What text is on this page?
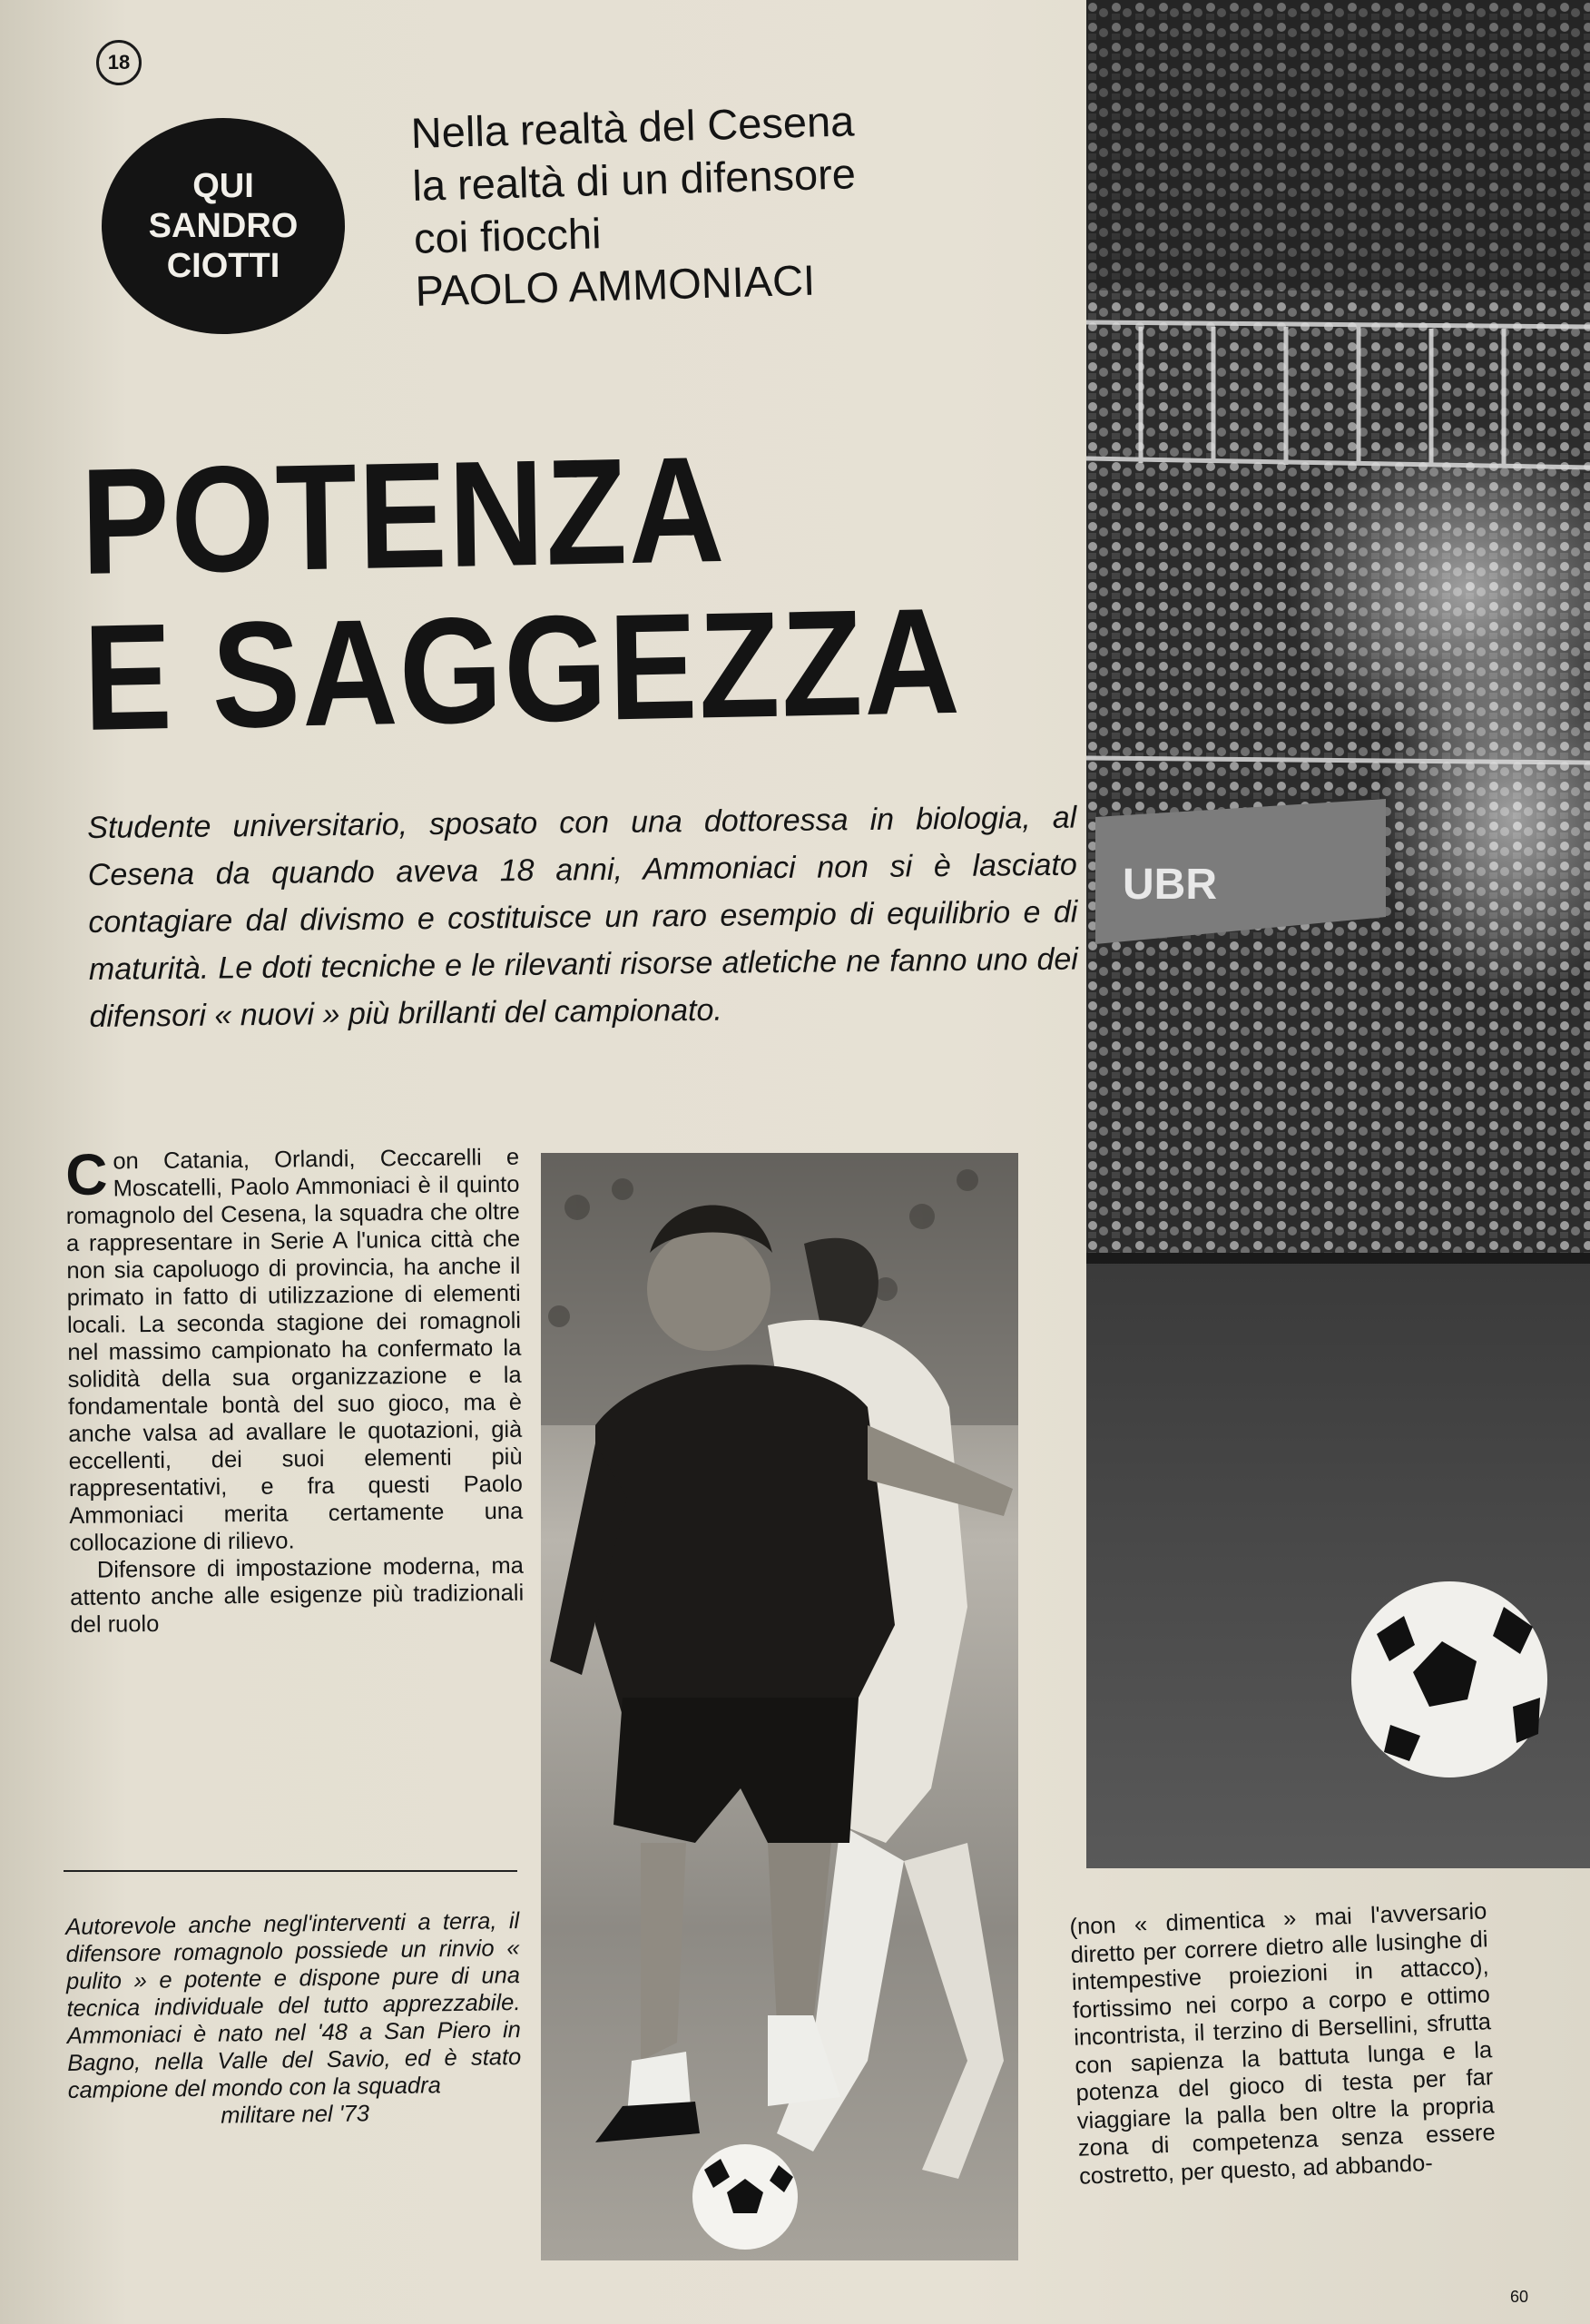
18
QUI
SANDRO
CIOTTI
Nella realtà del Cesena
la realtà di un difensore
coi fiocchi
PAOLO AMMONIACI
POTENZA
E SAGGEZZA
Studente universitario, sposato con una dottoressa in biologia, al Cesena da quando aveva 18 anni, Ammoniaci non si è lasciato contagiare dal divismo e costituisce un raro esempio di equilibrio e di maturità. Le doti tecniche e le rilevanti risorse atletiche ne fanno uno dei difensori « nuovi » più brillanti del campionato.

Con Catania, Orlandi, Ceccarelli e Moscatelli, Paolo Ammoniaci è il quinto romagnolo del Cesena, la squadra che oltre a rappresentare in Serie A l'unica città che non sia capoluogo di provincia, ha anche il primato in fatto di utilizzazione di elementi locali. La seconda stagione dei romagnoli nel massimo campionato ha confermato la solidità della sua organizzazione e la fondamentale bontà del suo gioco, ma è anche valsa ad avallare le quotazioni, già eccellenti, dei suoi elementi più rappresentativi, e fra questi Paolo Ammoniaci merita certamente una collocazione di rilievo.

Difensore di impostazione moderna, ma attento anche alle esigenze più tradizionali del ruolo

Autorevole anche negl'interventi a terra, il difensore romagnolo possiede un rinvio « pulito » e potente e dispone pure di una tecnica individuale del tutto apprezzabile. Ammoniaci è nato nel '48 a San Piero in Bagno, nella Valle del Savio, ed è stato campione del mondo con la squadra
militare nel '73
UBR
(non « dimentica » mai l'avversario diretto per correre dietro alle lusinghe di intempestive proiezioni in attacco), fortissimo nei corpo a corpo e ottimo incontrista, il terzino di Bersellini, sfrutta con sapienza la battuta lunga e la potenza del gioco di testa per far viaggiare la palla ben oltre la propria zona di competenza senza essere costretto, per questo, ad abbando-
60
